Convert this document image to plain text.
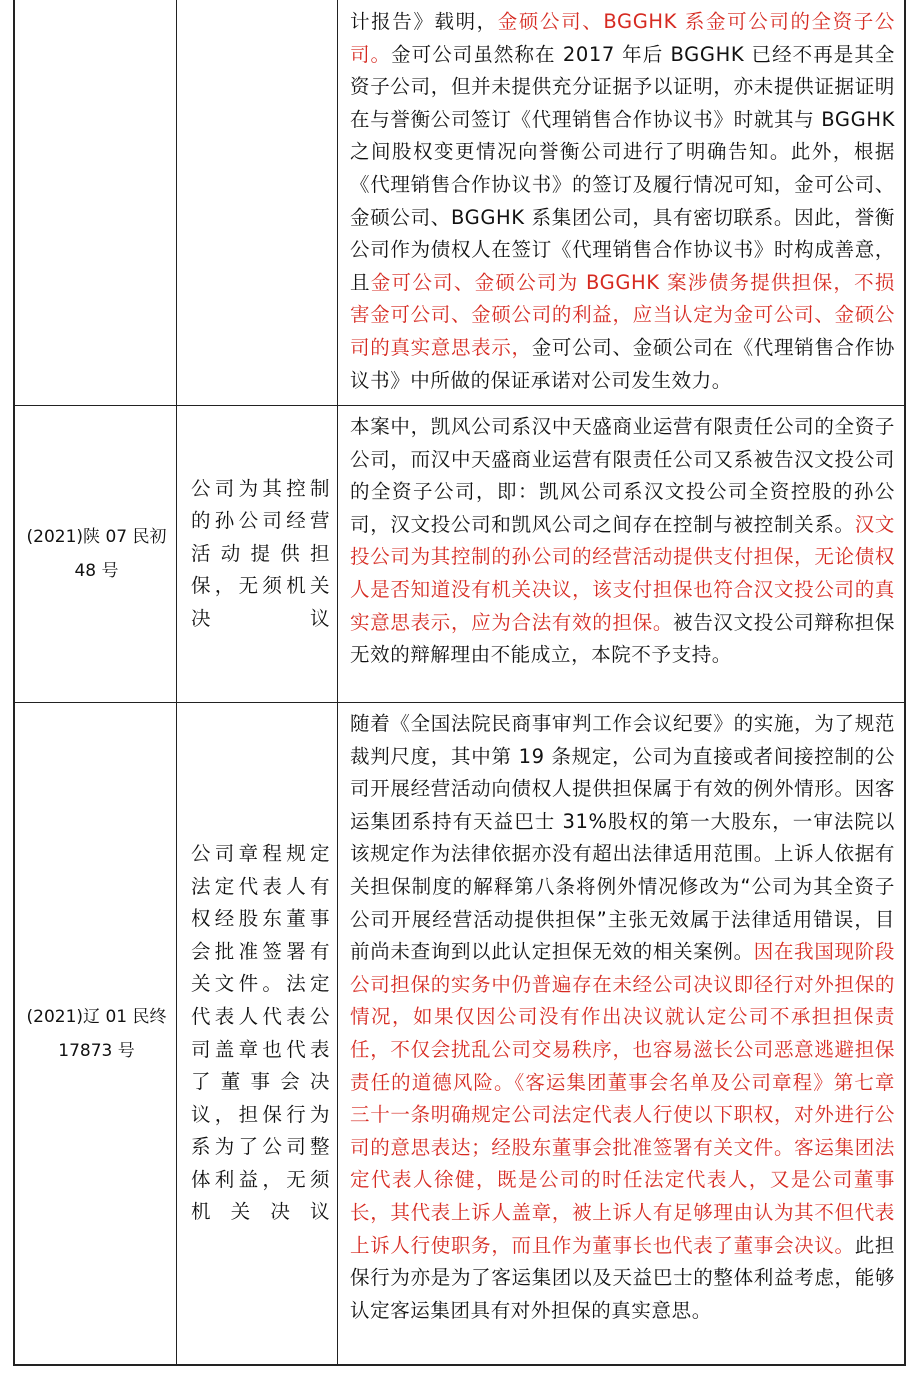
计报告》载明，金硕公司、BGGHK 系金可公司的全资子公司。金可公司虽然称在 2017 年后 BGGHK 已经不再是其全资子公司，但并未提供充分证据予以证明，亦未提供证据证明在与誉衡公司签订《代理销售合作协议书》时就其与 BGGHK 之间股权变更情况向誉衡公司进行了明确告知。此外，根据《代理销售合作协议书》的签订及履行情况可知，金可公司、金硕公司、BGGHK 系集团公司，具有密切联系。因此，誉衡公司作为债权人在签订《代理销售合作协议书》时构成善意，且金可公司、金硕公司为 BGGHK 案涉债务提供担保，不损害金可公司、金硕公司的利益，应当认定为金可公司、金硕公司的真实意思表示，金可公司、金硕公司在《代理销售合作协议书》中所做的保证承诺对公司发生效力。
(2021)陕 07 民初 48 号
公司为其控制的孙公司经营活动提供担保，无须机关决议
本案中，凯风公司系汉中天盛商业运营有限责任公司的全资子公司，而汉中天盛商业运营有限责任公司又系被告汉文投公司的全资子公司，即：凯风公司系汉文投公司全资控股的孙公司，汉文投公司和凯风公司之间存在控制与被控制关系。汉文投公司为其控制的孙公司的经营活动提供支付担保，无论债权人是否知道没有机关决议，该支付担保也符合汉文投公司的真实意思表示，应为合法有效的担保。被告汉文投公司辩称担保无效的辩解理由不能成立，本院不予支持。
(2021)辽 01 民终 17873 号
公司章程规定法定代表人有权经股东董事会批准签署有关文件。法定代表人代表公司盖章也代表了董事会决议，担保行为系为了公司整体利益，无须机关决议
随着《全国法院民商事审判工作会议纪要》的实施，为了规范裁判尺度，其中第 19 条规定，公司为直接或者间接控制的公司开展经营活动向债权人提供担保属于有效的例外情形。因客运集团系持有天益巴士 31%股权的第一大股东，一审法院以该规定作为法律依据亦没有超出法律适用范围。上诉人依据有关担保制度的解释第八条将例外情况修改为“公司为其全资子公司开展经营活动提供担保”主张无效属于法律适用错误，目前尚未查询到以此认定担保无效的相关案例。因在我国现阶段公司担保的实务中仍普遍存在未经公司决议即径行对外担保的情况，如果仅因公司没有作出决议就认定公司不承担担保责任，不仅会扰乱公司交易秩序，也容易滋长公司恶意逃避担保责任的道德风险。《客运集团董事会名单及公司章程》第七章三十一条明确规定公司法定代表人行使以下职权，对外进行公司的意思表达；经股东董事会批准签署有关文件。客运集团法定代表人徐健，既是公司的时任法定代表人，又是公司董事长，其代表上诉人盖章，被上诉人有足够理由认为其不但代表上诉人行使职务，而且作为董事长也代表了董事会决议。此担保行为亦是为了客运集团以及天益巴士的整体利益考虑，能够认定客运集团具有对外担保的真实意思。
